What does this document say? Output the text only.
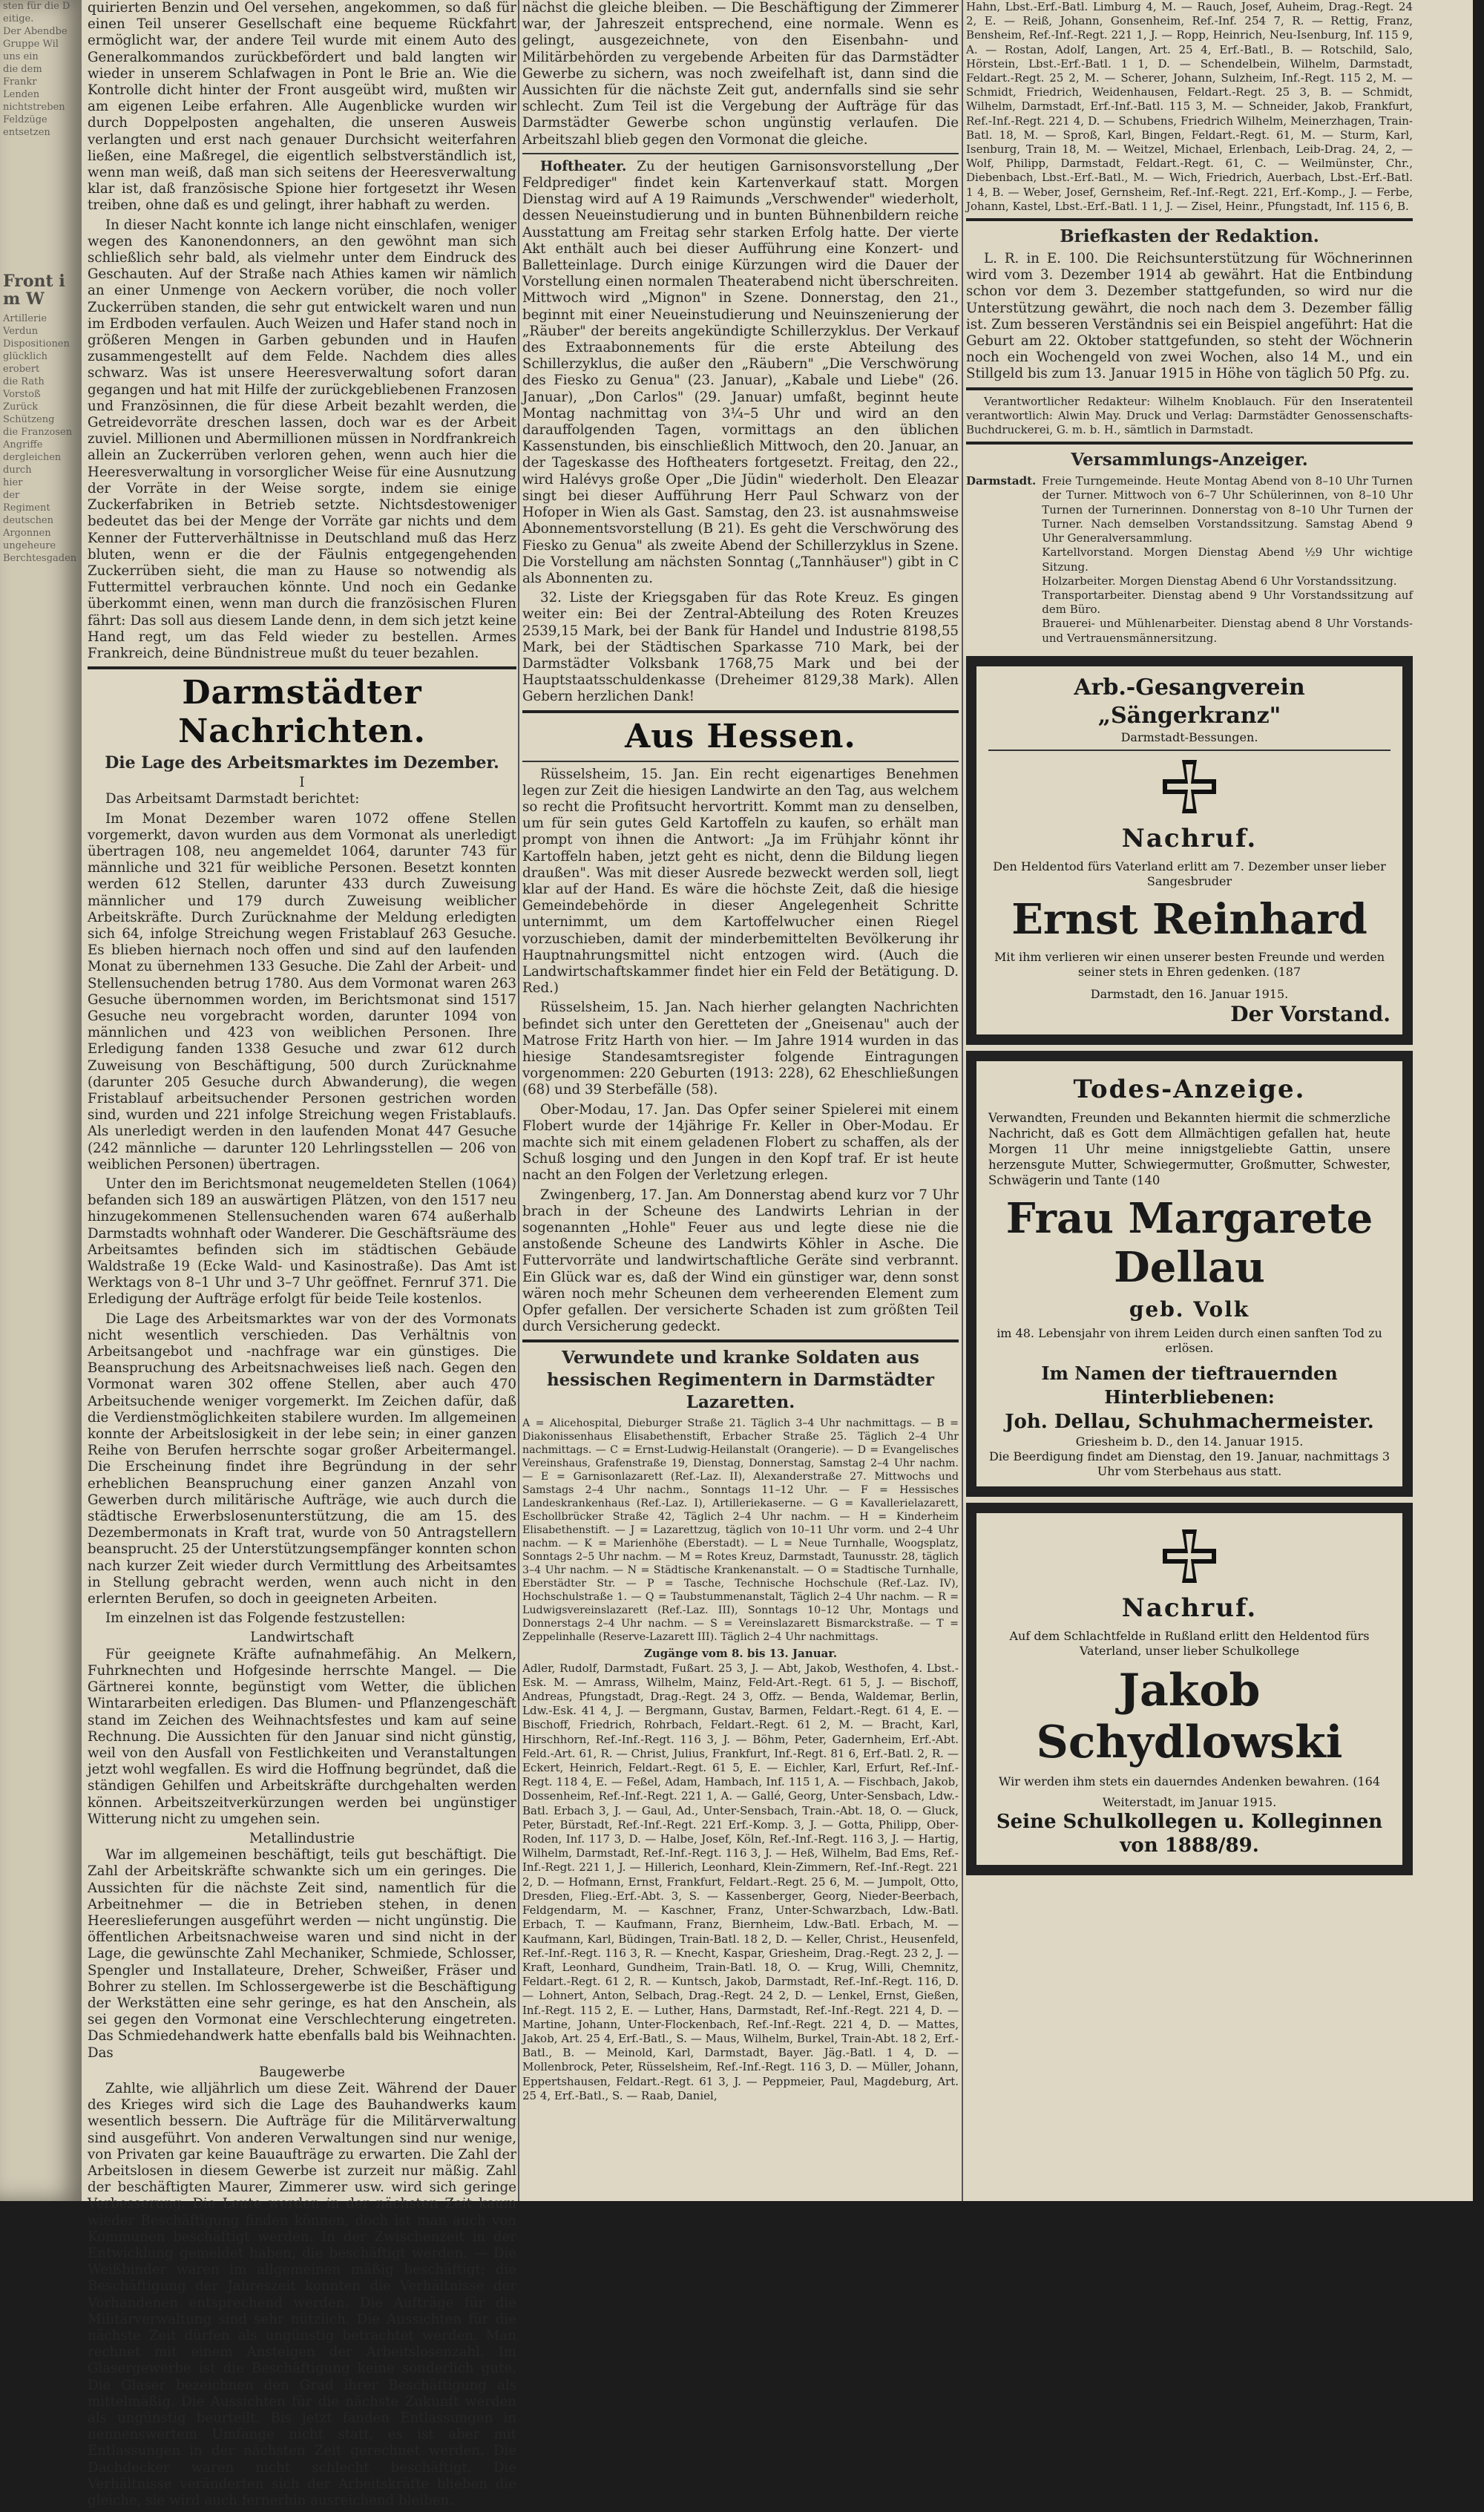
sten für die D
eitige.
Der Abendbe
Gruppe Wil
uns ein
die dem
Frankr
Lenden
nichtstreben
Feldzüge
entsetzen
Front im W
Artillerie
Verdun
Dispositionen
glücklich
erobert
die Rath
Vorstoß
Zurück
Schützeng
die Franzosen
Angriffe
dergleichen
durch
hier
der
Regiment
deutschen
Argonnen
ungeheure
Berchtesgaden

quirierten Benzin und Oel versehen, angekommen, so daß für einen Teil unserer Gesellschaft eine bequeme Rückfahrt ermöglicht war, der andere Teil wurde mit einem Auto des Generalkommandos zurückbefördert und bald langten wir wieder in unserem Schlafwagen in Pont le Brie an. Wie die Kontrolle dicht hinter der Front ausgeübt wird, mußten wir am eigenen Leibe erfahren. Alle Augenblicke wurden wir durch Doppelposten angehalten, die unseren Ausweis verlangten und erst nach genauer Durchsicht weiterfahren ließen, eine Maßregel, die eigentlich selbstverständlich ist, wenn man weiß, daß man sich seitens der Heeresverwaltung klar ist, daß französische Spione hier fortgesetzt ihr Wesen treiben, ohne daß es und gelingt, ihrer habhaft zu werden.

In dieser Nacht konnte ich lange nicht einschlafen, weniger wegen des Kanonendonners, an den gewöhnt man sich schließlich sehr bald, als vielmehr unter dem Eindruck des Geschauten. Auf der Straße nach Athies kamen wir nämlich an einer Unmenge von Aeckern vorüber, die noch voller Zuckerrüben standen, die sehr gut entwickelt waren und nun im Erdboden verfaulen. Auch Weizen und Hafer stand noch in größeren Mengen in Garben gebunden und in Haufen zusammengestellt auf dem Felde. Nachdem dies alles schwarz. Was ist unsere Heeresverwaltung sofort daran gegangen und hat mit Hilfe der zurückgebliebenen Franzosen und Französinnen, die für diese Arbeit bezahlt werden, die Getreidevorräte dreschen lassen, doch war es der Arbeit zuviel. Millionen und Abermillionen müssen in Nordfrankreich allein an Zuckerrüben verloren gehen, wenn auch hier die Heeresverwaltung in vorsorglicher Weise für eine Ausnutzung der Vorräte in der Weise sorgte, indem sie einige Zuckerfabriken in Betrieb setzte. Nichtsdestoweniger bedeutet das bei der Menge der Vorräte gar nichts und dem Kenner der Futterverhältnisse in Deutschland muß das Herz bluten, wenn er die der Fäulnis entgegengehenden Zuckerrüben sieht, die man zu Hause so notwendig als Futtermittel verbrauchen könnte. Und noch ein Gedanke überkommt einen, wenn man durch die französischen Fluren fährt: Das soll aus diesem Lande denn, in dem sich jetzt keine Hand regt, um das Feld wieder zu bestellen. Armes Frankreich, deine Bündnistreue mußt du teuer bezahlen.

Darmstädter Nachrichten.
Die Lage des Arbeitsmarktes im Dezember.
I

Das Arbeitsamt Darmstadt berichtet:

Im Monat Dezember waren 1072 offene Stellen vorgemerkt, davon wurden aus dem Vormonat als unerledigt übertragen 108, neu angemeldet 1064, darunter 743 für männliche und 321 für weibliche Personen. Besetzt konnten werden 612 Stellen, darunter 433 durch Zuweisung männlicher und 179 durch Zuweisung weiblicher Arbeitskräfte. Durch Zurücknahme der Meldung erledigten sich 64, infolge Streichung wegen Fristablauf 263 Gesuche. Es blieben hiernach noch offen und sind auf den laufenden Monat zu übernehmen 133 Gesuche. Die Zahl der Arbeit- und Stellensuchenden betrug 1780. Aus dem Vormonat waren 263 Gesuche übernommen worden, im Berichtsmonat sind 1517 Gesuche neu vorgebracht worden, darunter 1094 von männlichen und 423 von weiblichen Personen. Ihre Erledigung fanden 1338 Gesuche und zwar 612 durch Zuweisung von Beschäftigung, 500 durch Zurücknahme (darunter 205 Gesuche durch Abwanderung), die wegen Fristablauf arbeitsuchender Personen gestrichen worden sind, wurden und 221 infolge Streichung wegen Fristablaufs. Als unerledigt werden in den laufenden Monat 447 Gesuche (242 männliche — darunter 120 Lehrlingsstellen — 206 von weiblichen Personen) übertragen.

Unter den im Berichtsmonat neugemeldeten Stellen (1064) befanden sich 189 an auswärtigen Plätzen, von den 1517 neu hinzugekommenen Stellensuchenden waren 674 außerhalb Darmstadts wohnhaft oder Wanderer. Die Geschäftsräume des Arbeitsamtes befinden sich im städtischen Gebäude Waldstraße 19 (Ecke Wald- und Kasinostraße). Das Amt ist Werktags von 8–1 Uhr und 3–7 Uhr geöffnet. Fernruf 371. Die Erledigung der Aufträge erfolgt für beide Teile kostenlos.

Die Lage des Arbeitsmarktes war von der des Vormonats nicht wesentlich verschieden. Das Verhältnis von Arbeitsangebot und -nachfrage war ein günstiges. Die Beanspruchung des Arbeitsnachweises ließ nach. Gegen den Vormonat waren 302 offene Stellen, aber auch 470 Arbeitsuchende weniger vorgemerkt. Im Zeichen dafür, daß die Verdienstmöglichkeiten stabilere wurden. Im allgemeinen konnte der Arbeitslosigkeit in der lebe sein; in einer ganzen Reihe von Berufen herrschte sogar großer Arbeitermangel. Die Erscheinung findet ihre Begründung in der sehr erheblichen Beanspruchung einer ganzen Anzahl von Gewerben durch militärische Aufträge, wie auch durch die städtische Erwerbslosenunterstützung, die am 15. des Dezembermonats in Kraft trat, wurde von 50 Antragstellern beansprucht. 25 der Unterstützungsempfänger konnten schon nach kurzer Zeit wieder durch Vermittlung des Arbeitsamtes in Stellung gebracht werden, wenn auch nicht in den erlernten Berufen, so doch in geeigneten Arbeiten.

Im einzelnen ist das Folgende festzustellen:

Landwirtschaft

Für geeignete Kräfte aufnahmefähig. An Melkern, Fuhrknechten und Hofgesinde herrschte Mangel. — Die Gärtnerei konnte, begünstigt vom Wetter, die üblichen Wintararbeiten erledigen. Das Blumen- und Pflanzengeschäft stand im Zeichen des Weihnachtsfestes und kam auf seine Rechnung. Die Aussichten für den Januar sind nicht günstig, weil von den Ausfall von Festlichkeiten und Veranstaltungen jetzt wohl wegfallen. Es wird die Hoffnung begründet, daß die ständigen Gehilfen und Arbeitskräfte durchgehalten werden können. Arbeitszeitverkürzungen werden bei ungünstiger Witterung nicht zu umgehen sein.

Metallindustrie

War im allgemeinen beschäftigt, teils gut beschäftigt. Die Zahl der Arbeitskräfte schwankte sich um ein geringes. Die Aussichten für die nächste Zeit sind, namentlich für die Arbeitnehmer — die in Betrieben stehen, in denen Heereslieferungen ausgeführt werden — nicht ungünstig. Die öffentlichen Arbeitsnachweise waren und sind nicht in der Lage, die gewünschte Zahl Mechaniker, Schmiede, Schlosser, Spengler und Installateure, Dreher, Schweißer, Fräser und Bohrer zu stellen. Im Schlossergewerbe ist die Beschäftigung der Werkstätten eine sehr geringe, es hat den Anschein, als sei gegen den Vormonat eine Verschlechterung eingetreten. Das Schmiedehandwerk hatte ebenfalls bald bis Weihnachten. Das

Baugewerbe

Zahlte, wie alljährlich um diese Zeit. Während der Dauer des Krieges wird sich die Lage des Bauhandwerks kaum wesentlich bessern. Die Aufträge für die Militärverwaltung sind ausgeführt. Von anderen Verwaltungen sind nur wenige, von Privaten gar keine Bauaufträge zu erwarten. Die Zahl der Arbeitslosen in diesem Gewerbe ist zurzeit nur mäßig. Zahl der beschäftigten Maurer, Zimmerer usw. wird sich geringe Verbesserung. Die Leute werden in der nächsten Zeit kaum wieder Beschäftigung finden können, doch ist man auch von Kommunen beschäftigt werden. In der Zwischenzeit in der Entwicklung gemeldet haben, die beschäftigt werden. — Die Weißbinder waren im allgemeinen mäßig beschäftigt; die Beschäftigung der Jahreszeit konnten die Verhältnisse der Vorhandenen entsprechend werden. Die Aufträge für die Militärverwaltung sind sehr nützlich. Die Aussichten für die nächste Zeit dürfen als ungünstig betrachtet werden. Man rechnet mit einem Ansteigen der Arbeitslosenzahl. Im Glasergewerbe ist die Beschäftigung keine sonderlich gute. Die Glaser bezeichnen den Grad ihrer Beschäftigung als mittelmäßig. Die Aussichten für die nächste Zukunft werden als ungünstig beurteilt. Bis jetzt fanden Entlassungen in nennenswertem Umfange nicht statt, es ist aber mit Entlassungen in der nächsten Zeit gerechnet werden. Die Dachdecker waren nicht schlecht beschäftigt. Die Verhältnisse veränderten sich der Arbeitskräfte blieben die gleiche, sie wird auch fernerhin ausreichend bleiben.

nächst die gleiche bleiben. — Die Beschäftigung der Zimmerer war, der Jahreszeit entsprechend, eine normale. Wenn es gelingt, ausgezeichnete, von den Eisenbahn- und Militärbehörden zu vergebende Arbeiten für das Darmstädter Gewerbe zu sichern, was noch zweifelhaft ist, dann sind die Aussichten für die nächste Zeit gut, andernfalls sind sie sehr schlecht. Zum Teil ist die Vergebung der Aufträge für das Darmstädter Gewerbe schon ungünstig verlaufen. Die Arbeitszahl blieb gegen den Vormonat die gleiche.

Hoftheater. Zu der heutigen Garnisonsvorstellung „Der Feldprediger" findet kein Kartenverkauf statt. Morgen Dienstag wird auf A 19 Raimunds „Verschwender" wiederholt, dessen Neueinstudierung und in bunten Bühnenbildern reiche Ausstattung am Freitag sehr starken Erfolg hatte. Der vierte Akt enthält auch bei dieser Aufführung eine Konzert- und Balletteinlage. Durch einige Kürzungen wird die Dauer der Vorstellung einen normalen Theaterabend nicht überschreiten. Mittwoch wird „Mignon" in Szene. Donnerstag, den 21., beginnt mit einer Neueinstudierung und Neuinszenierung der „Räuber" der bereits angekündigte Schillerzyklus. Der Verkauf des Extraabonnements für die erste Abteilung des Schillerzyklus, die außer den „Räubern" „Die Verschwörung des Fiesko zu Genua" (23. Januar), „Kabale und Liebe" (26. Januar), „Don Carlos" (29. Januar) umfaßt, beginnt heute Montag nachmittag von 3¼–5 Uhr und wird an den darauffolgenden Tagen, vormittags an den üblichen Kassenstunden, bis einschließlich Mittwoch, den 20. Januar, an der Tageskasse des Hoftheaters fortgesetzt. Freitag, den 22., wird Halévys große Oper „Die Jüdin" wiederholt. Den Eleazar singt bei dieser Aufführung Herr Paul Schwarz von der Hofoper in Wien als Gast. Samstag, den 23. ist ausnahmsweise Abonnementsvorstellung (B 21). Es geht die Verschwörung des Fiesko zu Genua" als zweite Abend der Schillerzyklus in Szene. Die Vorstellung am nächsten Sonntag („Tannhäuser") gibt in C als Abonnenten zu.

32. Liste der Kriegsgaben für das Rote Kreuz. Es gingen weiter ein: Bei der Zentral-Abteilung des Roten Kreuzes 2539,15 Mark, bei der Bank für Handel und Industrie 8198,55 Mark, bei der Städtischen Sparkasse 710 Mark, bei der Darmstädter Volksbank 1768,75 Mark und bei der Hauptstaatsschuldenkasse (Dreheimer 8129,38 Mark). Allen Gebern herzlichen Dank!

Aus Hessen.

Rüsselsheim, 15. Jan. Ein recht eigenartiges Benehmen legen zur Zeit die hiesigen Landwirte an den Tag, aus welchem so recht die Profitsucht hervortritt. Kommt man zu denselben, um für sein gutes Geld Kartoffeln zu kaufen, so erhält man prompt von ihnen die Antwort: „Ja im Frühjahr könnt ihr Kartoffeln haben, jetzt geht es nicht, denn die Bildung liegen draußen". Was mit dieser Ausrede bezweckt werden soll, liegt klar auf der Hand. Es wäre die höchste Zeit, daß die hiesige Gemeindebehörde in dieser Angelegenheit Schritte unternimmt, um dem Kartoffelwucher einen Riegel vorzuschieben, damit der minderbemittelten Bevölkerung ihr Hauptnahrungsmittel nicht entzogen wird. (Auch die Landwirtschaftskammer findet hier ein Feld der Betätigung. D. Red.)

Rüsselsheim, 15. Jan. Nach hierher gelangten Nachrichten befindet sich unter den Geretteten der „Gneisenau" auch der Matrose Fritz Harth von hier. — Im Jahre 1914 wurden in das hiesige Standesamtsregister folgende Eintragungen vorgenommen: 220 Geburten (1913: 228), 62 Eheschließungen (68) und 39 Sterbefälle (58).

Ober-Modau, 17. Jan. Das Opfer seiner Spielerei mit einem Flobert wurde der 14jährige Fr. Keller in Ober-Modau. Er machte sich mit einem geladenen Flobert zu schaffen, als der Schuß losging und den Jungen in den Kopf traf. Er ist heute nacht an den Folgen der Verletzung erlegen.

Zwingenberg, 17. Jan. Am Donnerstag abend kurz vor 7 Uhr brach in der Scheune des Landwirts Lehrian in der sogenannten „Hohle" Feuer aus und legte diese nie die anstoßende Scheune des Landwirts Köhler in Asche. Die Futtervorräte und landwirtschaftliche Geräte sind verbrannt. Ein Glück war es, daß der Wind ein günstiger war, denn sonst wären noch mehr Scheunen dem verheerenden Element zum Opfer gefallen. Der versicherte Schaden ist zum größten Teil durch Versicherung gedeckt.

Verwundete und kranke Soldaten aus hessischen Regimentern in Darmstädter Lazaretten.

A = Alicehospital, Dieburger Straße 21. Täglich 3–4 Uhr nachmittags. — B = Diakonissenhaus Elisabethenstift, Erbacher Straße 25. Täglich 2–4 Uhr nachmittags. — C = Ernst-Ludwig-Heilanstalt (Orangerie). — D = Evangelisches Vereinshaus, Grafenstraße 19, Dienstag, Donnerstag, Samstag 2–4 Uhr nachm. — E = Garnisonlazarett (Ref.-Laz. II), Alexanderstraße 27. Mittwochs und Samstags 2–4 Uhr nachm., Sonntags 11–12 Uhr. — F = Hessisches Landeskrankenhaus (Ref.-Laz. I), Artilleriekaserne. — G = Kavallerielazarett, Eschollbrücker Straße 42, Täglich 2–4 Uhr nachm. — H = Kinderheim Elisabethenstift. — J = Lazarettzug, täglich von 10–11 Uhr vorm. und 2–4 Uhr nachm. — K = Marienhöhe (Eberstadt). — L = Neue Turnhalle, Woogsplatz, Sonntags 2–5 Uhr nachm. — M = Rotes Kreuz, Darmstadt, Taunusstr. 28, täglich 3–4 Uhr nachm. — N = Städtische Krankenanstalt. — O = Stadtische Turnhalle, Eberstädter Str. — P = Tasche, Technische Hochschule (Ref.-Laz. IV), Hochschulstraße 1. — Q = Taubstummenanstalt, Täglich 2–4 Uhr nachm. — R = Ludwigsvereinslazarett (Ref.-Laz. III), Sonntags 10–12 Uhr, Montags und Donnerstags 2–4 Uhr nachm. — S = Vereinslazarett Bismarckstraße. — T = Zeppelinhalle (Reserve-Lazarett III). Täglich 2–4 Uhr nachmittags.

Zugänge vom 8. bis 13. Januar.

Adler, Rudolf, Darmstadt, Fußart. 25 3, J. — Abt, Jakob, Westhofen, 4. Lbst.-Esk. M. — Amrass, Wilhelm, Mainz, Feld-Art.-Regt. 61 5, J. — Bischoff, Andreas, Pfungstadt, Drag.-Regt. 24 3, Offz. — Benda, Waldemar, Berlin, Ldw.-Esk. 41 4, J. — Bergmann, Gustav, Barmen, Feldart.-Regt. 61 4, E. — Bischoff, Friedrich, Rohrbach, Feldart.-Regt. 61 2, M. — Bracht, Karl, Hirschhorn, Ref.-Inf.-Regt. 116 3, J. — Böhm, Peter, Gadernheim, Erf.-Abt. Feld.-Art. 61, R. — Christ, Julius, Frankfurt, Inf.-Regt. 81 6, Erf.-Batl. 2, R. — Eckert, Heinrich, Feldart.-Regt. 61 5, E. — Eichler, Karl, Erfurt, Ref.-Inf.-Regt. 118 4, E. — Feßel, Adam, Hambach, Inf. 115 1, A. — Fischbach, Jakob, Dossenheim, Ref.-Inf.-Regt. 221 1, A. — Gallé, Georg, Unter-Sensbach, Ldw.-Batl. Erbach 3, J. — Gaul, Ad., Unter-Sensbach, Train.-Abt. 18, O. — Gluck, Peter, Bürstadt, Ref.-Inf.-Regt. 221 Erf.-Komp. 3, J. — Gotta, Philipp, Ober-Roden, Inf. 117 3, D. — Halbe, Josef, Köln, Ref.-Inf.-Regt. 116 3, J. — Hartig, Wilhelm, Darmstadt, Ref.-Inf.-Regt. 116 3, J. — Heß, Wilhelm, Bad Ems, Ref.-Inf.-Regt. 221 1, J. — Hillerich, Leonhard, Klein-Zimmern, Ref.-Inf.-Regt. 221 2, D. — Hofmann, Ernst, Frankfurt, Feldart.-Regt. 25 6, M. — Jumpolt, Otto, Dresden, Flieg.-Erf.-Abt. 3, S. — Kassenberger, Georg, Nieder-Beerbach, Feldgendarm, M. — Kaschner, Franz, Unter-Schwarzbach, Ldw.-Batl. Erbach, T. — Kaufmann, Franz, Biernheim, Ldw.-Batl. Erbach, M. — Kaufmann, Karl, Büdingen, Train-Batl. 18 2, D. — Keller, Christ., Heusenfeld, Ref.-Inf.-Regt. 116 3, R. — Knecht, Kaspar, Griesheim, Drag.-Regt. 23 2, J. — Kraft, Leonhard, Gundheim, Train-Batl. 18, O. — Krug, Willi, Chemnitz, Feldart.-Regt. 61 2, R. — Kuntsch, Jakob, Darmstadt, Ref.-Inf.-Regt. 116, D. — Lohnert, Anton, Selbach, Drag.-Regt. 24 2, D. — Lenkel, Ernst, Gießen, Inf.-Regt. 115 2, E. — Luther, Hans, Darmstadt, Ref.-Inf.-Regt. 221 4, D. — Martine, Johann, Unter-Flockenbach, Ref.-Inf.-Regt. 221 4, D. — Mattes, Jakob, Art. 25 4, Erf.-Batl., S. — Maus, Wilhelm, Burkel, Train-Abt. 18 2, Erf.-Batl., B. — Meinold, Karl, Darmstadt, Bayer. Jäg.-Batl. 1 4, D. — Mollenbrock, Peter, Rüsselsheim, Ref.-Inf.-Regt. 116 3, D. — Müller, Johann, Eppertshausen, Feldart.-Regt. 61 3, J. — Peppmeier, Paul, Magdeburg, Art. 25 4, Erf.-Batl., S. — Raab, Daniel,

Hahn, Lbst.-Erf.-Batl. Limburg 4, M. — Rauch, Josef, Auheim, Drag.-Regt. 24 2, E. — Reiß, Johann, Gonsenheim, Ref.-Inf. 254 7, R. — Rettig, Franz, Bensheim, Ref.-Inf.-Regt. 221 1, J. — Ropp, Heinrich, Neu-Isenburg, Inf. 115 9, A. — Rostan, Adolf, Langen, Art. 25 4, Erf.-Batl., B. — Rotschild, Salo, Hörstein, Lbst.-Erf.-Batl. 1 1, D. — Schendelbein, Wilhelm, Darmstadt, Feldart.-Regt. 25 2, M. — Scherer, Johann, Sulzheim, Inf.-Regt. 115 2, M. — Schmidt, Friedrich, Weidenhausen, Feldart.-Regt. 25 3, B. — Schmidt, Wilhelm, Darmstadt, Erf.-Inf.-Batl. 115 3, M. — Schneider, Jakob, Frankfurt, Ref.-Inf.-Regt. 221 4, D. — Schubens, Friedrich Wilhelm, Meinerzhagen, Train-Batl. 18, M. — Sproß, Karl, Bingen, Feldart.-Regt. 61, M. — Sturm, Karl, Isenburg, Train 18, M. — Weitzel, Michael, Erlenbach, Leib-Drag. 24, 2, — Wolf, Philipp, Darmstadt, Feldart.-Regt. 61, C. — Weilmünster, Chr., Diebenbach, Lbst.-Erf.-Batl., M. — Wich, Friedrich, Auerbach, Lbst.-Erf.-Batl. 1 4, B. — Weber, Josef, Gernsheim, Ref.-Inf.-Regt. 221, Erf.-Komp., J. — Ferbe, Johann, Kastel, Lbst.-Erf.-Batl. 1 1, J. — Zisel, Heinr., Pfungstadt, Inf. 115 6, B.

Briefkasten der Redaktion.

L. R. in E. 100. Die Reichsunterstützung für Wöchnerinnen wird vom 3. Dezember 1914 ab gewährt. Hat die Entbindung schon vor dem 3. Dezember stattgefunden, so wird nur die Unterstützung gewährt, die noch nach dem 3. Dezember fällig ist. Zum besseren Verständnis sei ein Beispiel angeführt: Hat die Geburt am 22. Oktober stattgefunden, so steht der Wöchnerin noch ein Wochengeld von zwei Wochen, also 14 M., und ein Stillgeld bis zum 13. Januar 1915 in Höhe von täglich 50 Pfg. zu.

Verantwortlicher Redakteur: Wilhelm Knoblauch. Für den Inseratenteil verantwortlich: Alwin May. Druck und Verlag: Darmstädter Genossenschafts-Buchdruckerei, G. m. b. H., sämtlich in Darmstadt.

Versammlungs-Anzeiger.
Darmstadt. Freie Turngemeinde. Heute Montag Abend von 8–10 Uhr Turnen der Turner. Mittwoch von 6–7 Uhr Schülerinnen, von 8–10 Uhr Turnen der Turnerinnen. Donnerstag von 8–10 Uhr Turnen der Turner. Nach demselben Vorstandssitzung. Samstag Abend 9 Uhr Generalversammlung.
Kartellvorstand. Morgen Dienstag Abend ½9 Uhr wichtige Sitzung.
Holzarbeiter. Morgen Dienstag Abend 6 Uhr Vorstandssitzung.
Transportarbeiter. Dienstag abend 9 Uhr Vorstandssitzung auf dem Büro.
Brauerei- und Mühlenarbeiter. Dienstag abend 8 Uhr Vorstands- und Vertrauensmännersitzung.
Arb.-Gesangverein „Sängerkranz"
Darmstadt-Bessungen.
Nachruf.
Den Heldentod fürs Vaterland erlitt am 7. Dezember unser lieber Sangesbruder
Ernst Reinhard
Mit ihm verlieren wir einen unserer besten Freunde und werden seiner stets in Ehren gedenken. (187
Darmstadt, den 16. Januar 1915.
Der Vorstand.
Todes-Anzeige.
Verwandten, Freunden und Bekannten hiermit die schmerzliche Nachricht, daß es Gott dem Allmächtigen gefallen hat, heute Morgen 11 Uhr meine innigstgeliebte Gattin, unsere herzensgute Mutter, Schwiegermutter, Großmutter, Schwester, Schwägerin und Tante (140
Frau Margarete Dellau
geb. Volk
im 48. Lebensjahr von ihrem Leiden durch einen sanften Tod zu erlösen.
Im Namen der tieftrauernden Hinterbliebenen:
Joh. Dellau, Schuhmachermeister.
Griesheim b. D., den 14. Januar 1915.
Die Beerdigung findet am Dienstag, den 19. Januar, nachmittags 3 Uhr vom Sterbehaus aus statt.
Nachruf.
Auf dem Schlachtfelde in Rußland erlitt den Heldentod fürs Vaterland, unser lieber Schulkollege
Jakob Schydlowski
Wir werden ihm stets ein dauerndes Andenken bewahren. (164
Weiterstadt, im Januar 1915.
Seine Schulkollegen u. Kolleginnen von 1888/89.
